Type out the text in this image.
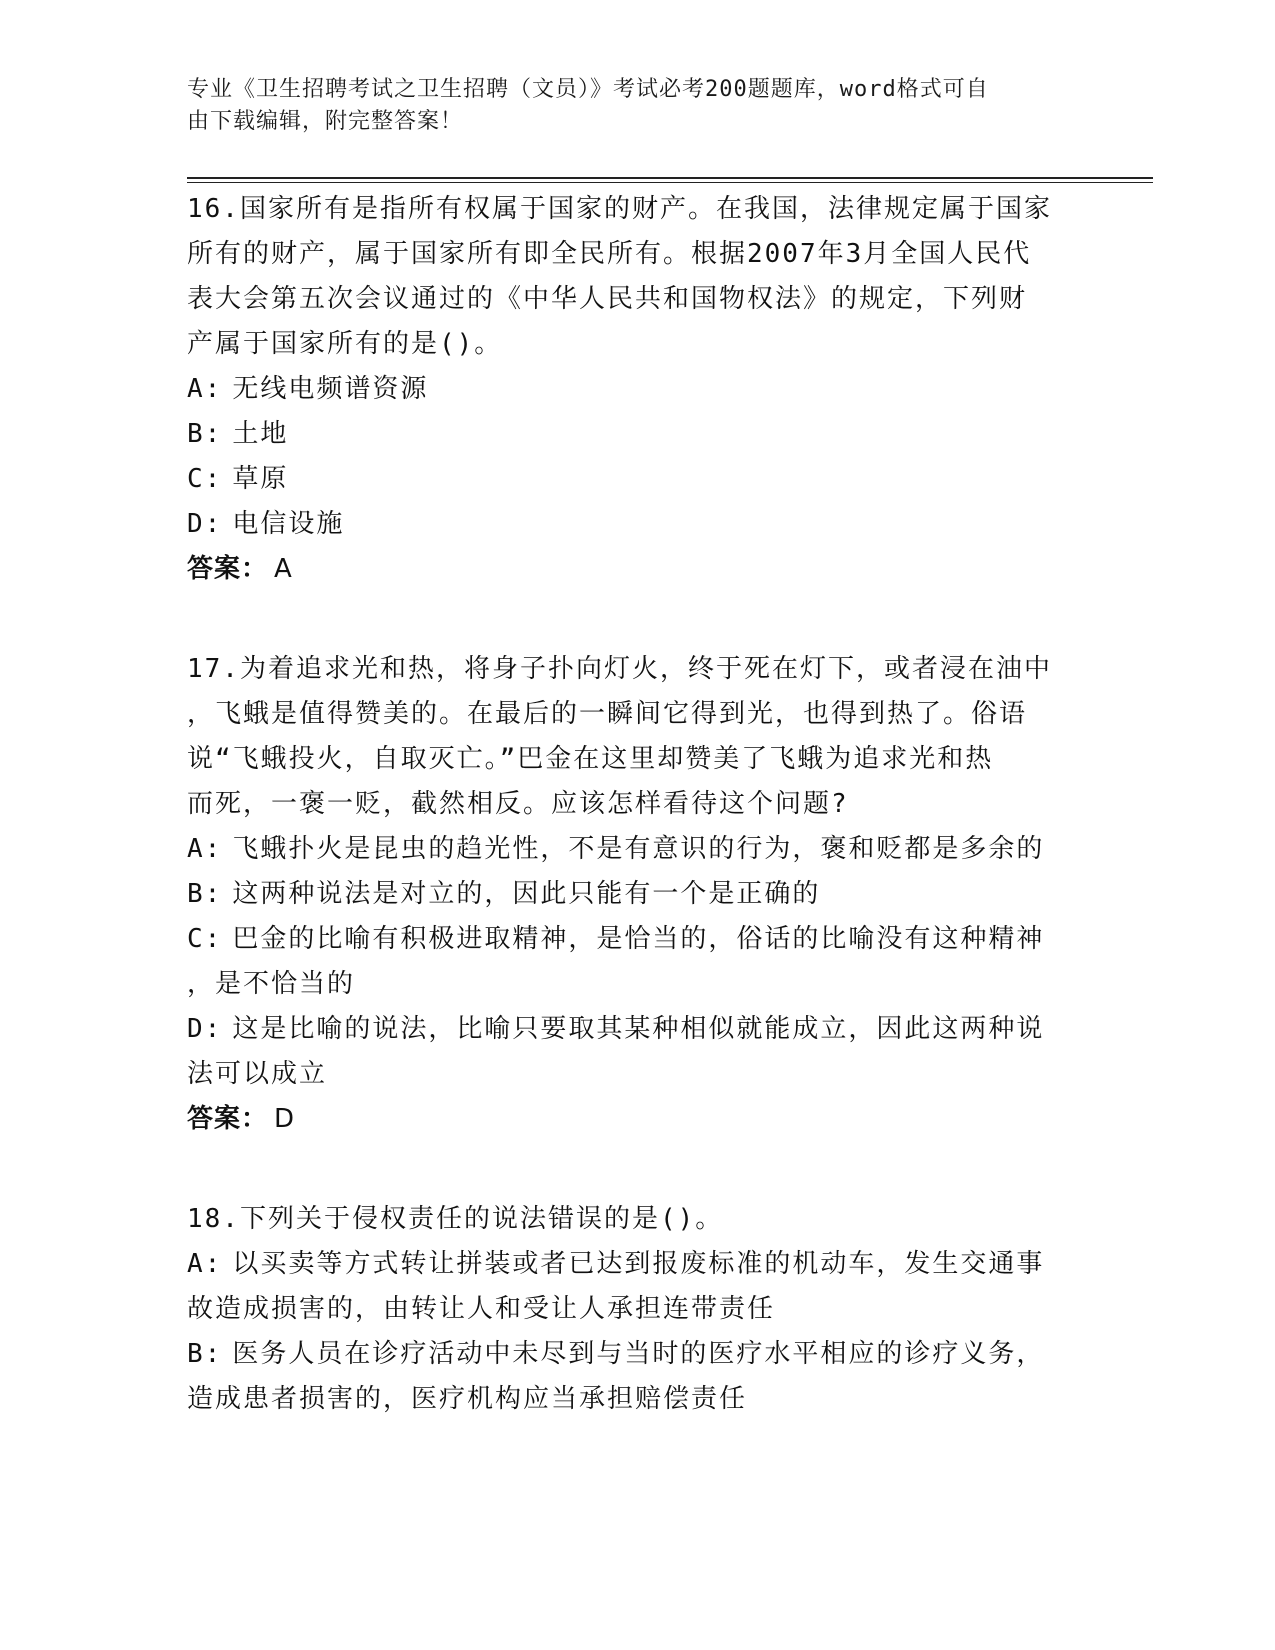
专业《卫生招聘考试之卫生招聘（文员）》考试必考200题题库，word格式可自
由下载编辑，附完整答案！

16.国家所有是指所有权属于国家的财产。在我国，法律规定属于国家

所有的财产，属于国家所有即全民所有。根据2007年3月全国人民代

表大会第五次会议通过的《中华人民共和国物权法》的规定，下列财

产属于国家所有的是()。

A: 无线电频谱资源

B: 土地

C: 草原

D: 电信设施

答案： A

17.为着追求光和热，将身子扑向灯火，终于死在灯下，或者浸在油中

，飞蛾是值得赞美的。在最后的一瞬间它得到光，也得到热了。俗语

说“飞蛾投火，自取灭亡。”巴金在这里却赞美了飞蛾为追求光和热

而死，一褒一贬，截然相反。应该怎样看待这个问题?

A: 飞蛾扑火是昆虫的趋光性，不是有意识的行为，褒和贬都是多余的

B: 这两种说法是对立的，因此只能有一个是正确的

C: 巴金的比喻有积极进取精神，是恰当的，俗话的比喻没有这种精神

，是不恰当的

D: 这是比喻的说法，比喻只要取其某种相似就能成立，因此这两种说

法可以成立

答案： D

18.下列关于侵权责任的说法错误的是()。

A: 以买卖等方式转让拼装或者已达到报废标准的机动车，发生交通事

故造成损害的，由转让人和受让人承担连带责任

B: 医务人员在诊疗活动中未尽到与当时的医疗水平相应的诊疗义务，

造成患者损害的，医疗机构应当承担赔偿责任
